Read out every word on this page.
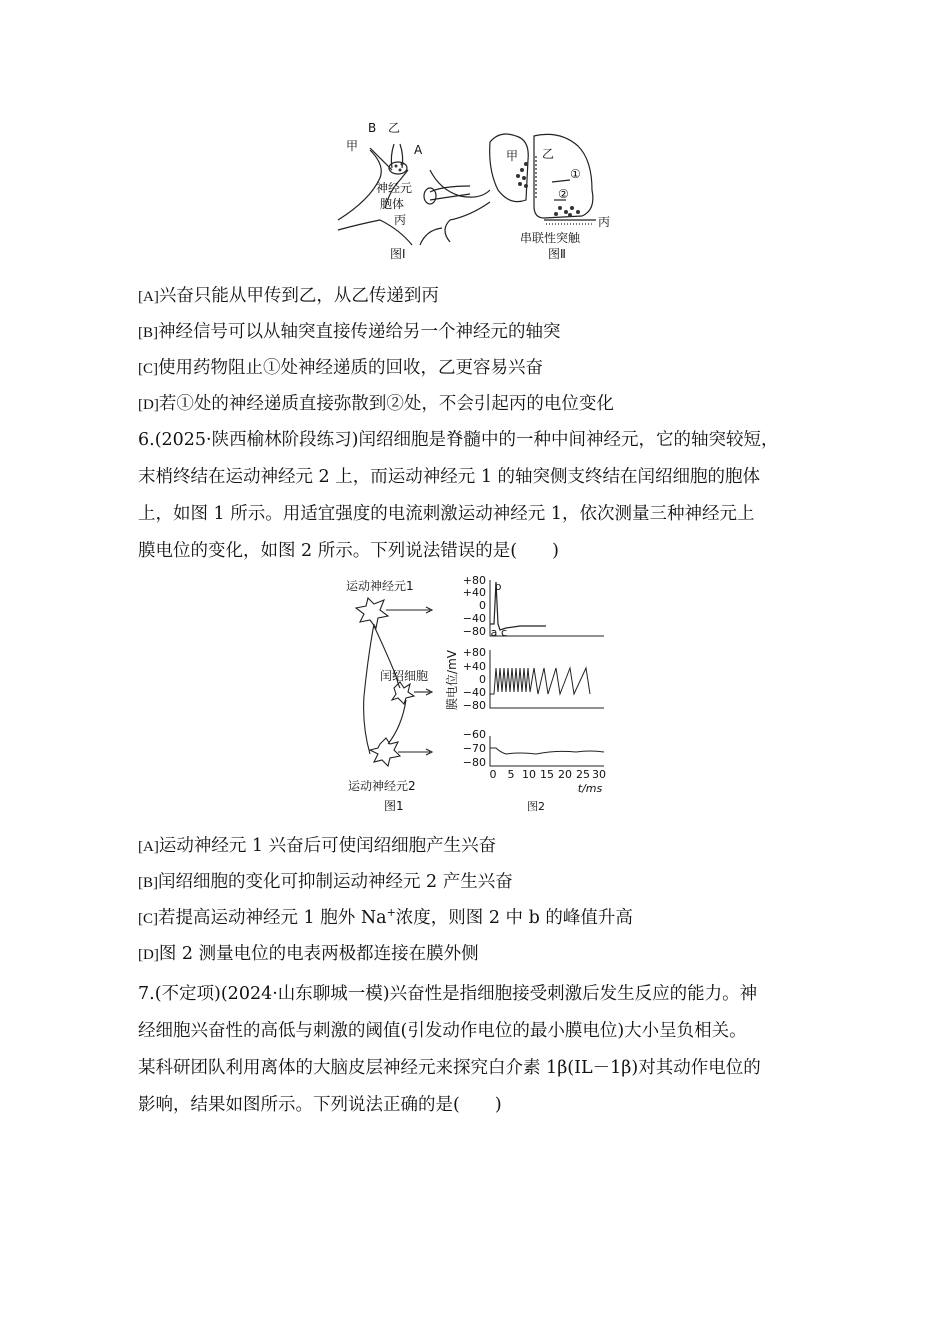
B 乙
甲	A
神经元
胞体
丙
图Ⅰ
甲 乙
①
②
丙
串联性突触
图Ⅱ
[A]兴奋只能从甲传到乙，从乙传递到丙
[B]神经信号可以从轴突直接传递给另一个神经元的轴突
[C]使用药物阻止①处神经递质的回收，乙更容易兴奋
[D]若①处的神经递质直接弥散到②处，不会引起丙的电位变化
6.(2025·陕西榆林阶段练习)闰绍细胞是脊髓中的一种中间神经元，它的轴突较短，
末梢终结在运动神经元 2 上，而运动神经元 1 的轴突侧支终结在闰绍细胞的胞体
上，如图 1 所示。用适宜强度的电流刺激运动神经元 1，依次测量三种神经元上
膜电位的变化，如图 2 所示。下列说法错误的是(　　)
运动神经元1
闰绍细胞
运动神经元2
图1
+80
+40
0
−40
−80
+80
+40
0
−40
−80
−60
−70
−80
0 5 10 15 20 25 30
t/ms
图2
b
a c
膜电位/mV
[A]运动神经元 1 兴奋后可使闰绍细胞产生兴奋
[B]闰绍细胞的变化可抑制运动神经元 2 产生兴奋
[C]若提高运动神经元 1 胞外 Na+浓度，则图 2 中 b 的峰值升高
[D]图 2 测量电位的电表两极都连接在膜外侧
7.(不定项)(2024·山东聊城一模)兴奋性是指细胞接受刺激后发生反应的能力。神
经细胞兴奋性的高低与刺激的阈值(引发动作电位的最小膜电位)大小呈负相关。
某科研团队利用离体的大脑皮层神经元来探究白介素 1β(IL－1β)对其动作电位的
影响，结果如图所示。下列说法正确的是(　　)
